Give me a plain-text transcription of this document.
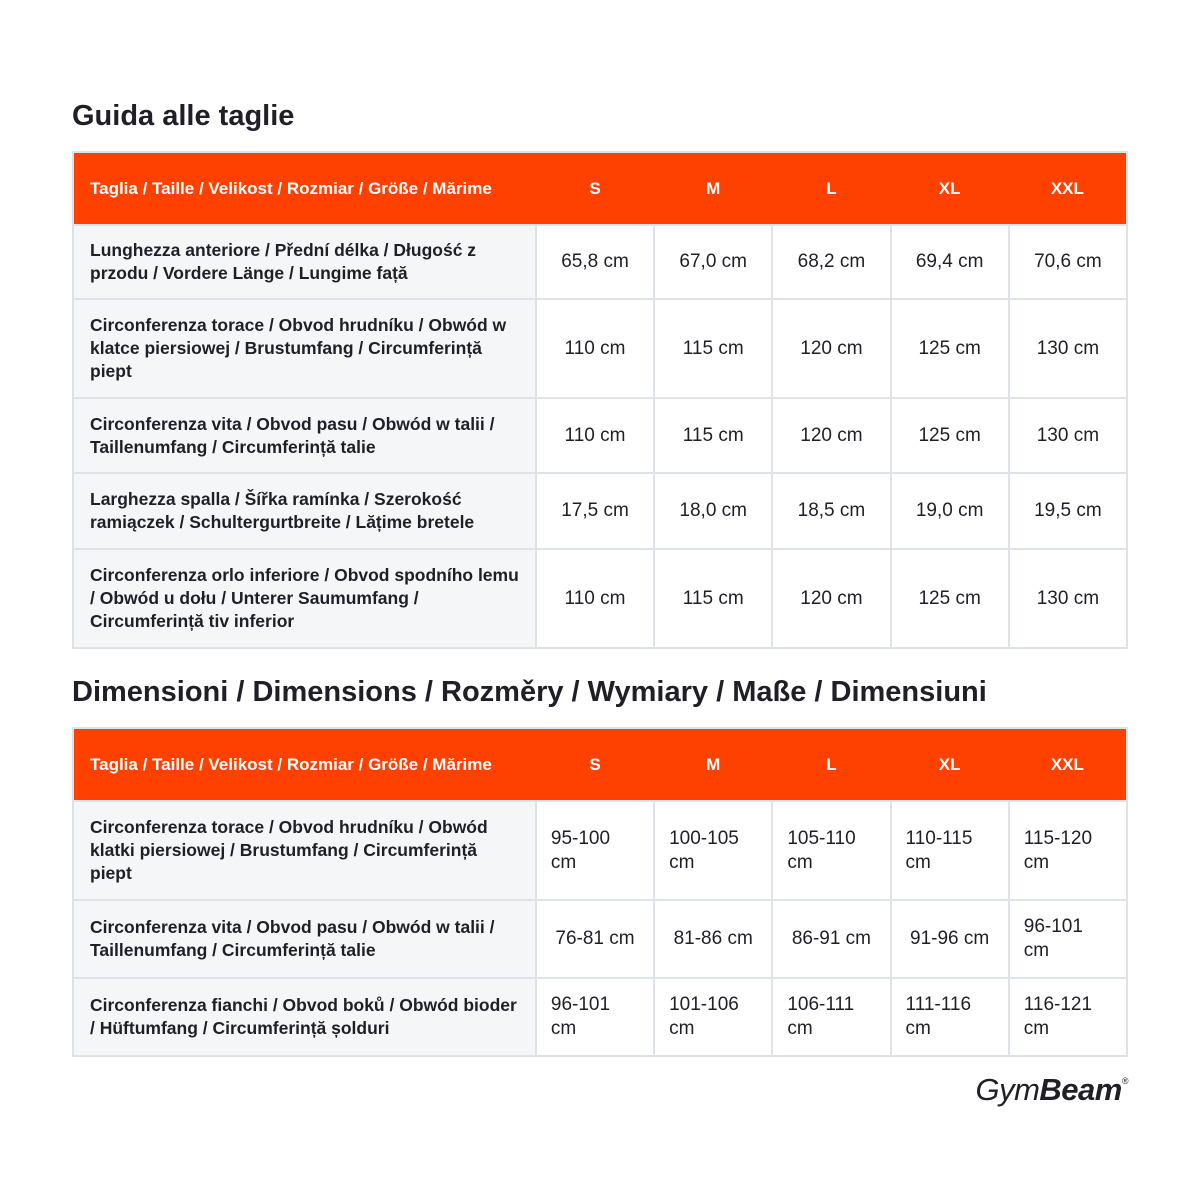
Guida alle taglie
Taglia / Taille / Velikost / Rozmiar / Größe / Mărime	S	M	L	XL	XXL
Lunghezza anteriore / Přední délka / Długość z przodu / Vordere Länge / Lungime față	65,8 cm	67,0 cm	68,2 cm	69,4 cm	70,6 cm
Circonferenza torace / Obvod hrudníku / Obwód w klatce piersiowej / Brustumfang / Circumferință piept	110 cm	115 cm	120 cm	125 cm	130 cm
Circonferenza vita / Obvod pasu / Obwód w talii / Taillenumfang / Circumferință talie	110 cm	115 cm	120 cm	125 cm	130 cm
Larghezza spalla / Šířka ramínka / Szerokość ramiączek / Schultergurtbreite / Lățime bretele	17,5 cm	18,0 cm	18,5 cm	19,0 cm	19,5 cm
Circonferenza orlo inferiore / Obvod spodního lemu / Obwód u dołu / Unterer Saumumfang / Circumferință tiv inferior	110 cm	115 cm	120 cm	125 cm	130 cm
Dimensioni / Dimensions / Rozměry / Wymiary / Maße / Dimensiuni
Taglia / Taille / Velikost / Rozmiar / Größe / Mărime	S	M	L	XL	XXL
Circonferenza torace / Obvod hrudníku / Obwód klatki piersiowej / Brustumfang / Circumferință piept	95-100 cm	100-105 cm	105-110 cm	110-115 cm	115-120 cm
Circonferenza vita / Obvod pasu / Obwód w talii / Taillenumfang / Circumferință talie	76-81 cm	81-86 cm	86-91 cm	91-96 cm	96-101 cm
Circonferenza fianchi / Obvod boků / Obwód bioder / Hüftumfang / Circumferință șolduri	96-101 cm	101-106 cm	106-111 cm	111-116 cm	116-121 cm
GymBeam®
